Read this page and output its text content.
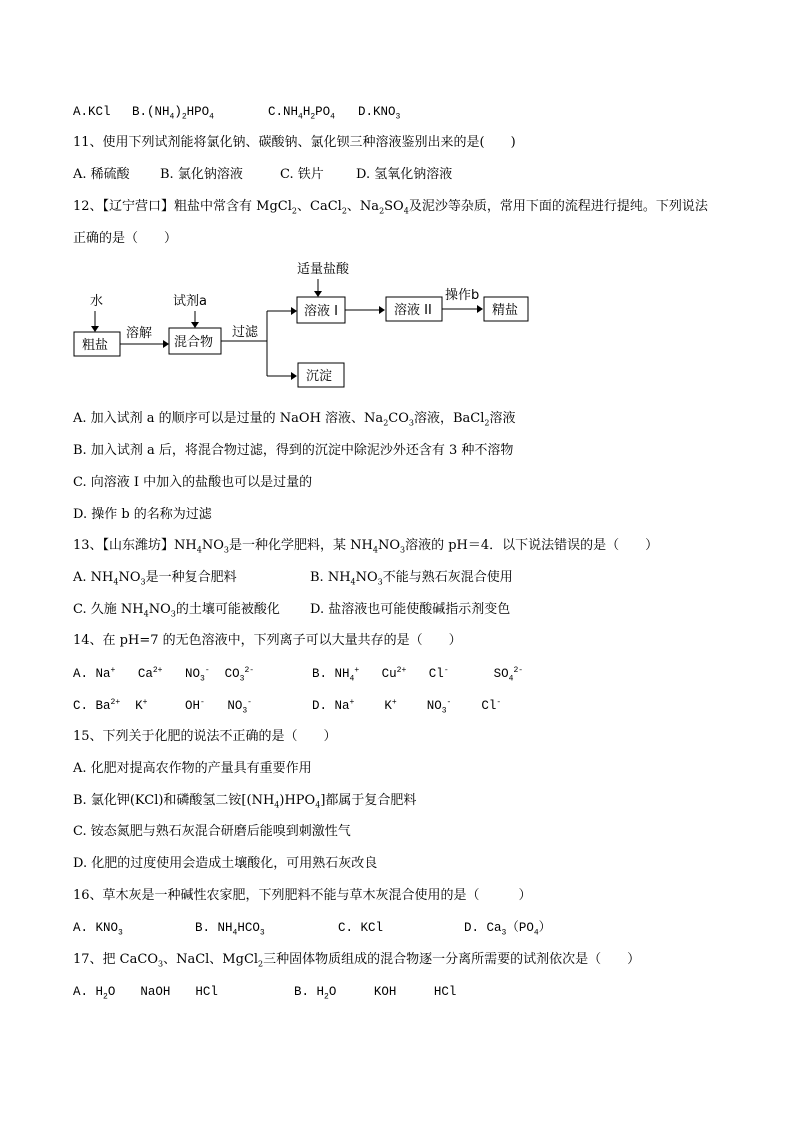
A.KCl $B.(NH_4)_2HPO_4$	$C.NH_4H_2PO_4$ $D.KNO_3$
11、使用下列试剂能将氯化钠、碳酸钠、氯化钡三种溶液鉴别出来的是(　　)
A. 稀硫酸 B. 氯化钠溶液	C. 铁片 D. 氢氧化钠溶液
12、【辽宁营口】粗盐中常含有 MgCl$_2$、CaCl$_2$、$Na_2SO_4$及泥沙等杂质，常用下面的流程进行提纯。下列说法
正确的是（　　）
水
粗盐
溶解
试剂a
混合物
过滤
适量盐酸
溶液 I	溶液 II
操作b
精盐
沉淀
A. 加入试剂 a 的顺序可以是过量的 NaOH 溶液、$Na_2CO_3$溶液，BaCl$_2$溶液
B. 加入试剂 a 后，将混合物过滤，得到的沉淀中除泥沙外还含有 3 种不溶物
C. 向溶液 I 中加入的盐酸也可以是过量的
D. 操作 b 的名称为过滤
13、【山东潍坊】$NH_4NO_3$是一种化学肥料，某 $NH_4NO_3$溶液的 pH＝4．以下说法错误的是（　　）
A. $NH_4NO_3$是一种复合肥料	B. $NH_4NO_3$不能与熟石灰混合使用
C. 久施 $NH_4NO_3$的土壤可能被酸化 D. 盐溶液也可能使酸碱指示剂变色
14、在 pH=7 的无色溶液中，下列离子可以大量共存的是（　　）
A. Na+ $Ca^{2+}$ $NO_3^-$ $CO_3^{2-}$	B. $NH_4^+$ $Cu^{2+}$ Cl-	$SO_4^{2-}$
C. $Ba^{2+}$ K+	OH- $NO_3^-$	D. Na+ K+ $NO_3^-$ Cl-
15、下列关于化肥的说法不正确的是（　　）
A. 化肥对提高农作物的产量具有重要作用
B. 氯化钾(KCl)和磷酸氢二铵$[(NH_4)HPO_4]$都属于复合肥料
C. 铵态氮肥与熟石灰混合研磨后能嗅到刺激性气
D. 化肥的过度使用会造成土壤酸化，可用熟石灰改良
16、草木灰是一种碱性农家肥，下列肥料不能与草木灰混合使用的是（　　　）
A. $KNO_3$	B. $NH_4HCO_3$	C. KCl	D. $Ca_3(PO_4)$
17、把 CaCO$_3$、NaCl、MgCl$_2$三种固体物质组成的混合物逐一分离所需要的试剂依次是（　　）
A. $H_2O$　　NaOH　　HCl	B. $H_2O$　　　KOH　　　HCl
